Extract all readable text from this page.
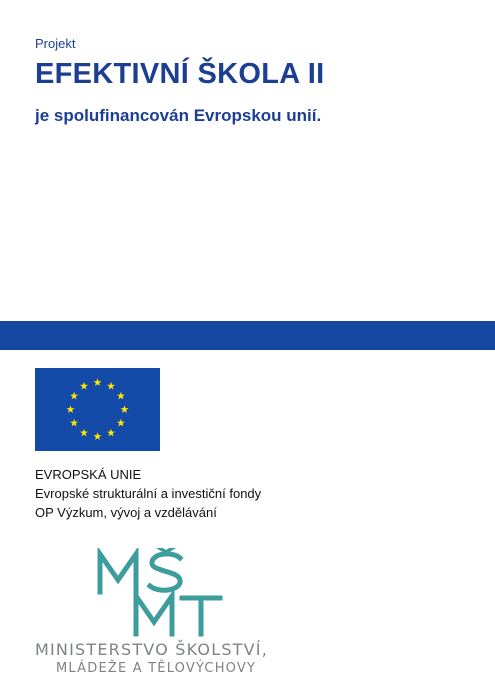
Projekt
EFEKTIVNÍ ŠKOLA II
je spolufinancován Evropskou unií.
EVROPSKÁ UNIE
Evropské strukturální a investiční fondy
OP Výzkum, vývoj a vzdělávání
MINISTERSTVO ŠKOLSTVÍ,
MLÁDEŽE A TĚLOVÝCHOVY
